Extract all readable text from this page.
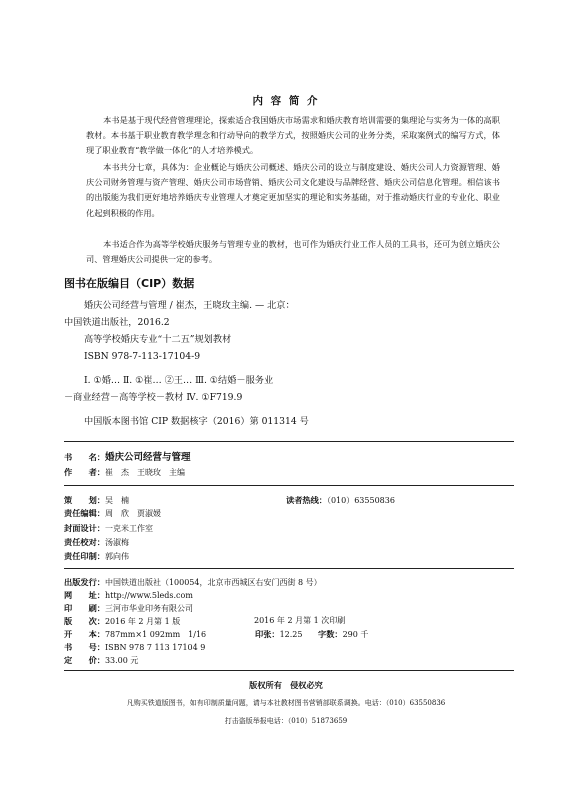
内 容 简 介
本书是基于现代经营管理理论，探索适合我国婚庆市场需求和婚庆教育培训需要的集理论与实务为一体的高职教材。本书基于职业教育教学理念和行动导向的教学方式，按照婚庆公司的业务分类，采取案例式的编写方式，体现了职业教育“教学做一体化”的人才培养模式。
本书共分七章，具体为：企业概论与婚庆公司概述、婚庆公司的设立与制度建设、婚庆公司人力资源管理、婚庆公司财务管理与资产管理、婚庆公司市场营销、婚庆公司文化建设与品牌经营、婚庆公司信息化管理。相信该书的出版能为我们更好地培养婚庆专业管理人才奠定更加坚实的理论和实务基础，对于推动婚庆行业的专业化、职业化起到积极的作用。
本书适合作为高等学校婚庆服务与管理专业的教材，也可作为婚庆行业工作人员的工具书，还可为创立婚庆公司、管理婚庆公司提供一定的参考。
图书在版编目（CIP）数据
婚庆公司经营与管理 / 崔杰，王晓玫主编. — 北京：
中国铁道出版社，2016.2
高等学校婚庆专业“十二五”规划教材
ISBN 978-7-113-17104-9
Ⅰ. ①婚… Ⅱ. ①崔… ②王… Ⅲ. ①结婚－服务业
－商业经营－高等学校－教材 Ⅳ. ①F719.9
中国版本图书馆 CIP 数据核字（2016）第 011314 号
书　　名：婚庆公司经营与管理
作　　者：崔　杰　王晓玫　主编
策　　划：吴　楠	读者热线：（010）63550836
责任编辑：周　欣　贾淑媛
封面设计：一克米工作室
责任校对：汤淑梅
责任印制：郭向伟
出版发行：中国铁道出版社（100054，北京市西城区右安门西街 8 号）
网　　址：http://www.5leds.com
印　　刷：三河市华业印务有限公司
版　　次：2016 年 2 月第 1 版	2016 年 2 月第 1 次印刷
开　　本：787mm×1 092mm　1/16	印张：12.25 字数：290 千
书　　号：ISBN 978 7 113 17104 9
定　　价：33.00 元
版权所有　侵权必究
凡购买铁道版图书，如有印制质量问题，请与本社教材图书营销部联系调换。电话：（010）63550836
打击盗版举报电话：（010）51873659
